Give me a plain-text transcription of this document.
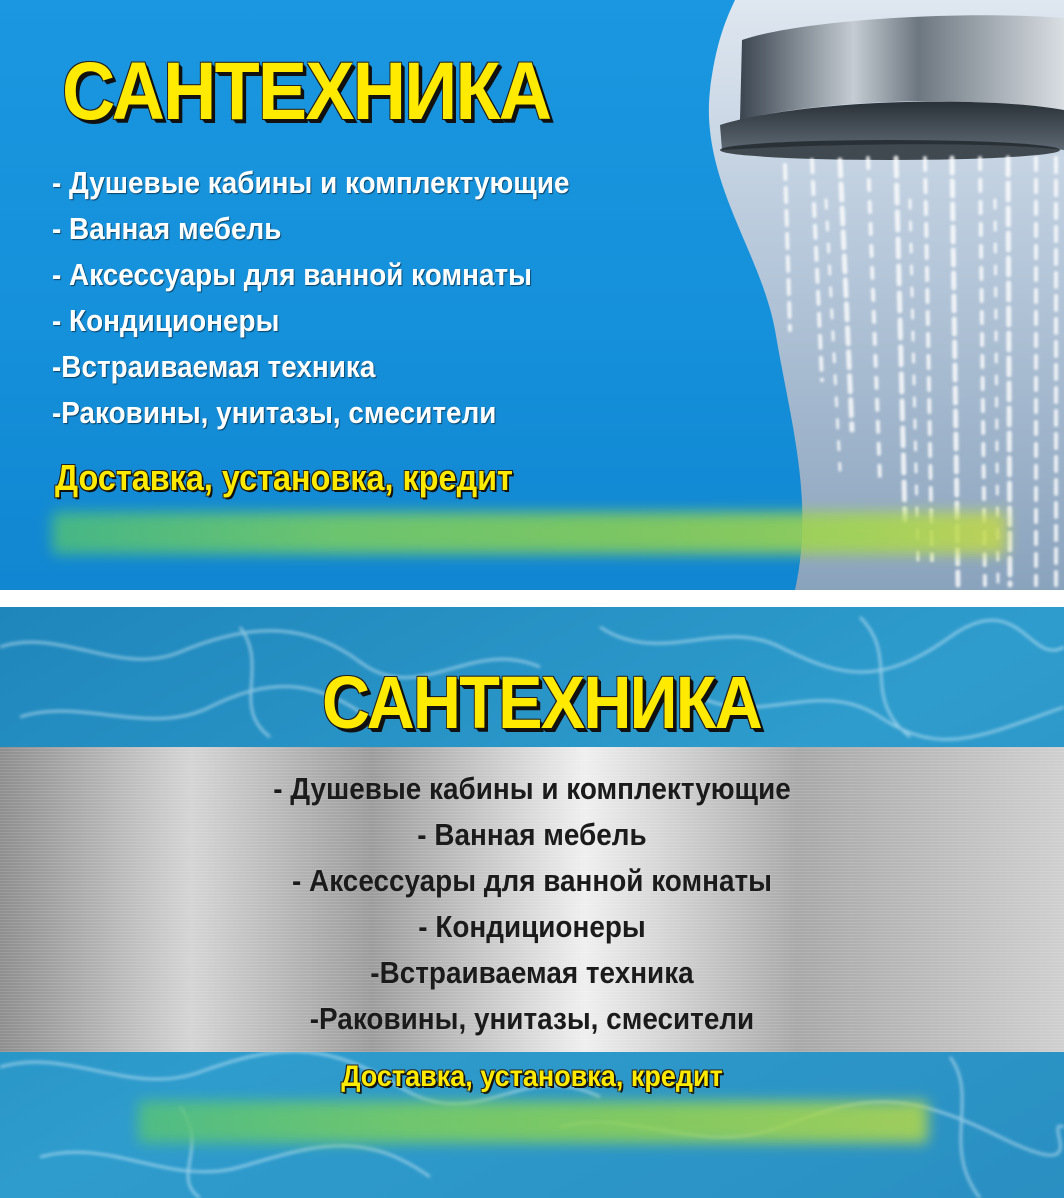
САНТЕХНИКА
- Душевые кабины и комплектующие
- Ванная мебель
- Аксессуары для ванной комнаты
- Кондиционеры
-Встраиваемая техника
-Раковины, унитазы, смесители

Доставка, установка, кредит

САНТЕХНИКА
- Душевые кабины и комплектующие
- Ванная мебель
- Аксессуары для ванной комнаты
- Кондиционеры
-Встраиваемая техника
-Раковины, унитазы, смесители

Доставка, установка, кредит
